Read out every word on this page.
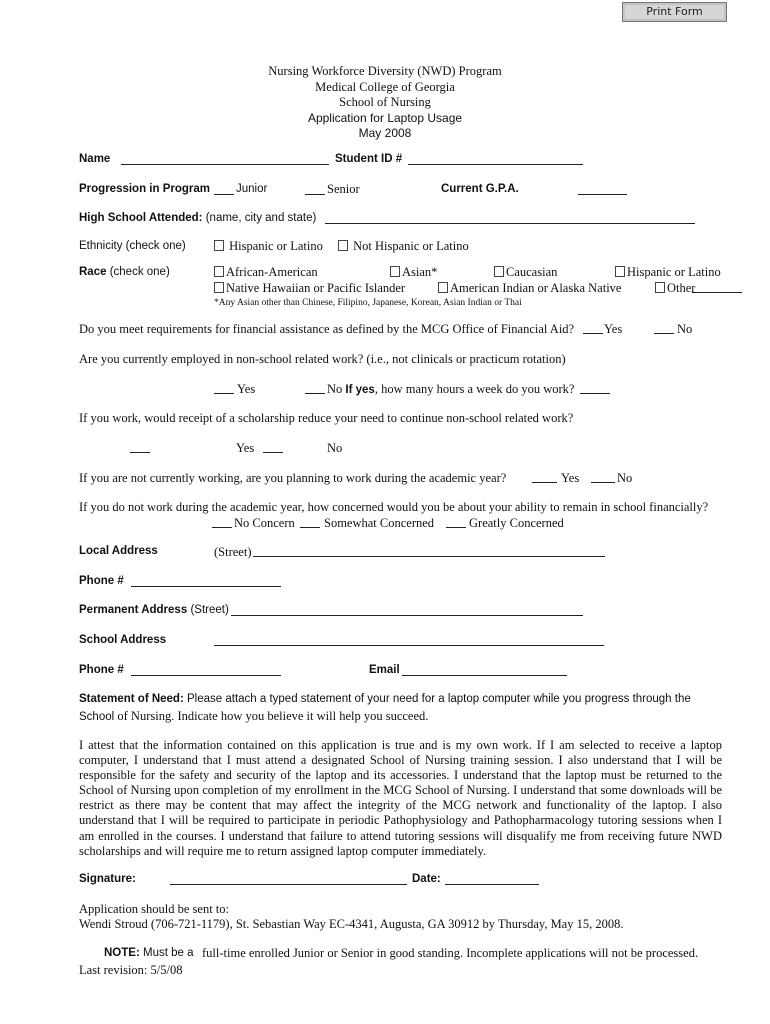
Print Form
Nursing Workforce Diversity (NWD) Program
Medical College of Georgia
School of Nursing
Application for Laptop Usage
May 2008
Name	Student ID #
Progression in Program Junior	Senior	Current G.P.A.
High School Attended: (name, city and state)
Ethnicity (check one)	Hispanic or Latino	Not Hispanic or Latino
Race (check one)	African-American	Asian*	Caucasian	Hispanic or Latino
Native Hawaiian or Pacific Islander	American Indian or Alaska Native	Other
*Any Asian other than Chinese, Filipino, Japanese, Korean, Asian Indian or Thai
Do you meet requirements for financial assistance as defined by the MCG Office of Financial Aid? Yes	No
Are you currently employed in non-school related work? (i.e., not clinicals or practicum rotation)
Yes	No If yes, how many hours a week do you work?
If you work, would receipt of a scholarship reduce your need to continue non-school related work?
Yes	No
If you are not currently working, are you planning to work during the academic year?	Yes	No
If you do not work during the academic year, how concerned would you be about your ability to remain in school financially?
No Concern Somewhat Concerned	Greatly Concerned
Local Address	(Street)
Phone #
Permanent Address (Street)
School Address
Phone #	Email
Statement of Need: Please attach a typed statement of your need for a laptop computer while you progress through the
School of Nursing. Indicate how you believe it will help you succeed.
I attest that the information contained on this application is true and is my own work. If I am selected to receive a laptop computer, I understand that I must attend a designated School of Nursing training session. I also understand that I will be responsible for the safety and security of the laptop and its accessories. I understand that the laptop must be returned to the School of Nursing upon completion of my enrollment in the MCG School of Nursing. I understand that some downloads will be restrict as there may be content that may affect the integrity of the MCG network and functionality of the laptop. I also understand that I will be required to participate in periodic Pathophysiology and Pathopharmacology tutoring sessions when I am enrolled in the courses. I understand that failure to attend tutoring sessions will disqualify me from receiving future NWD scholarships and will require me to return assigned laptop computer immediately.
Signature:	Date:
Application should be sent to:
Wendi Stroud (706-721-1179), St. Sebastian Way EC-4341, Augusta, GA 30912 by Thursday, May 15, 2008.
NOTE: Must be a full-time enrolled Junior or Senior in good standing. Incomplete applications will not be processed.
Last revision: 5/5/08
